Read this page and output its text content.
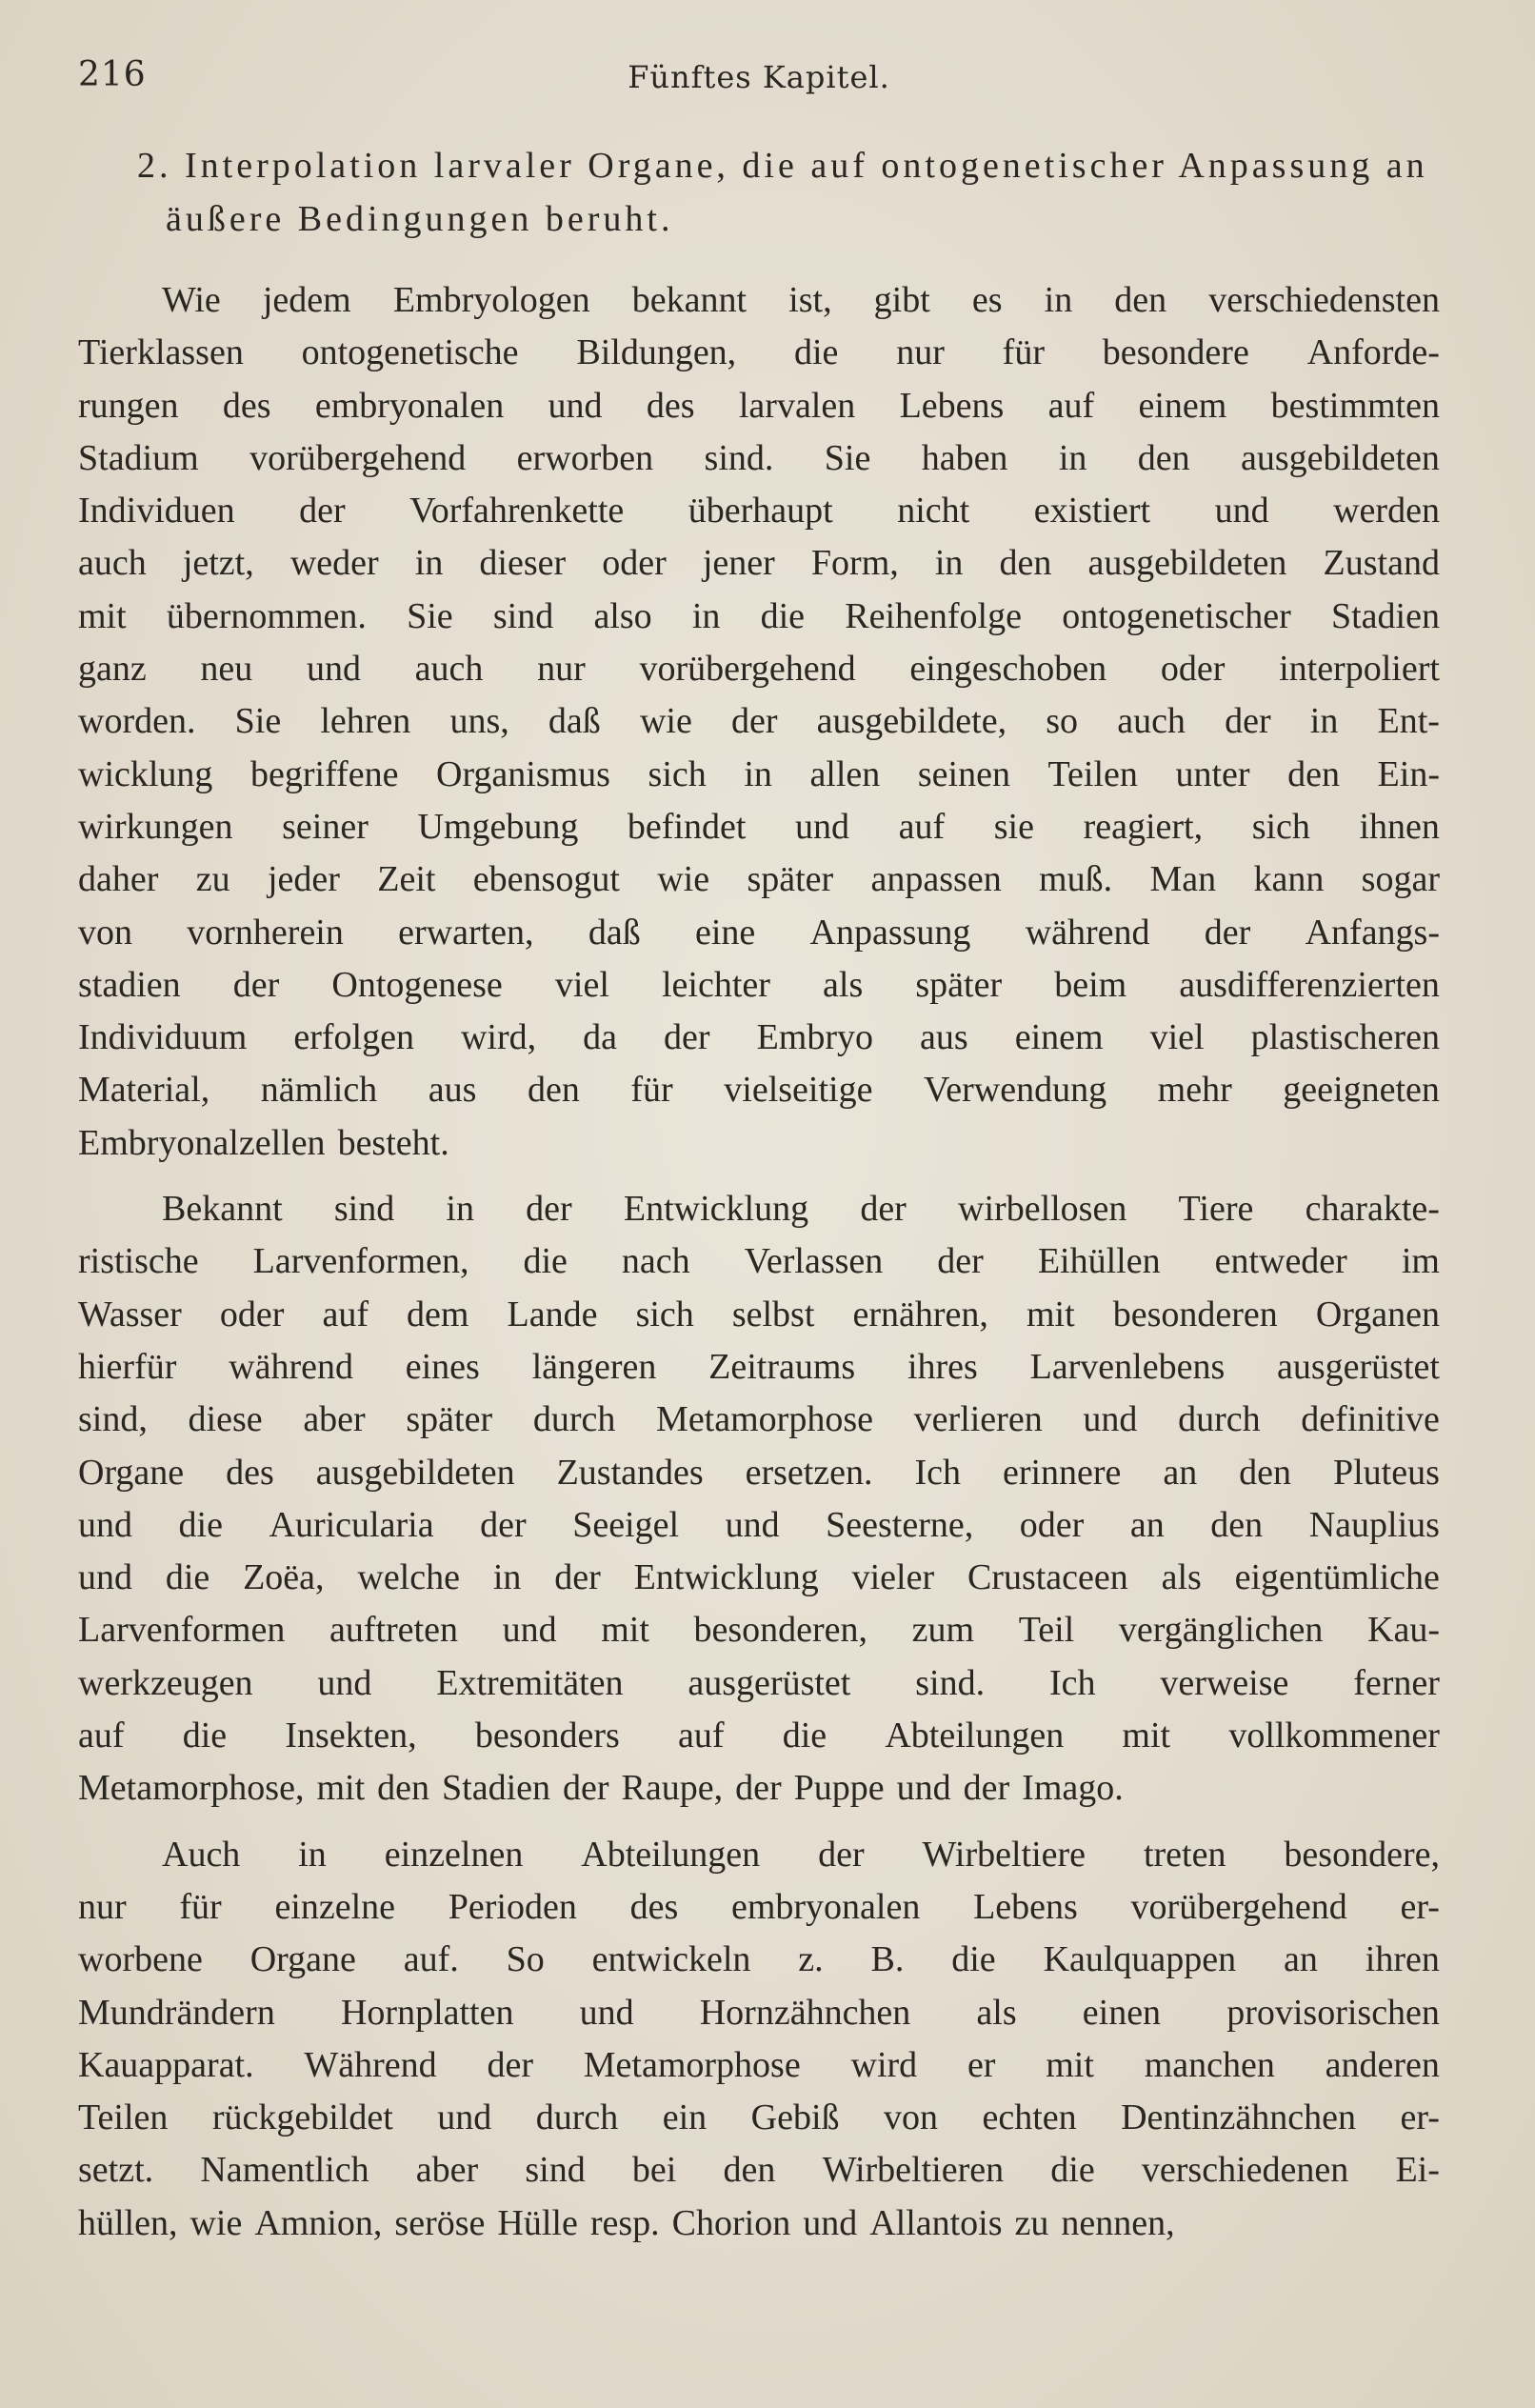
216	Fünftes Kapitel.
2. Interpolation larvaler Organe, die auf ontogenetischer Anpassung an äußere Bedingungen beruht.
Wie jedem Embryologen bekannt ist, gibt es in den verschiedensten
Tierklassen ontogenetische Bildungen, die nur für besondere Anforde-
rungen des embryonalen und des larvalen Lebens auf einem bestimmten
Stadium vorübergehend erworben sind. Sie haben in den ausgebildeten
Individuen der Vorfahrenkette überhaupt nicht existiert und werden
auch jetzt, weder in dieser oder jener Form, in den ausgebildeten Zustand
mit übernommen. Sie sind also in die Reihenfolge ontogenetischer Stadien
ganz neu und auch nur vorübergehend eingeschoben oder interpoliert
worden. Sie lehren uns, daß wie der ausgebildete, so auch der in Ent-
wicklung begriffene Organismus sich in allen seinen Teilen unter den Ein-
wirkungen seiner Umgebung befindet und auf sie reagiert, sich ihnen
daher zu jeder Zeit ebensogut wie später anpassen muß. Man kann sogar
von vornherein erwarten, daß eine Anpassung während der Anfangs-
stadien der Ontogenese viel leichter als später beim ausdifferenzierten
Individuum erfolgen wird, da der Embryo aus einem viel plastischeren
Material, nämlich aus den für vielseitige Verwendung mehr geeigneten
Embryonalzellen besteht.
Bekannt sind in der Entwicklung der wirbellosen Tiere charakte-
ristische Larvenformen, die nach Verlassen der Eihüllen entweder im
Wasser oder auf dem Lande sich selbst ernähren, mit besonderen Organen
hierfür während eines längeren Zeitraums ihres Larvenlebens ausgerüstet
sind, diese aber später durch Metamorphose verlieren und durch definitive
Organe des ausgebildeten Zustandes ersetzen. Ich erinnere an den Pluteus
und die Auricularia der Seeigel und Seesterne, oder an den Nauplius
und die Zoëa, welche in der Entwicklung vieler Crustaceen als eigentümliche
Larvenformen auftreten und mit besonderen, zum Teil vergänglichen Kau-
werkzeugen und Extremitäten ausgerüstet sind. Ich verweise ferner
auf die Insekten, besonders auf die Abteilungen mit vollkommener
Metamorphose, mit den Stadien der Raupe, der Puppe und der Imago.
Auch in einzelnen Abteilungen der Wirbeltiere treten besondere,
nur für einzelne Perioden des embryonalen Lebens vorübergehend er-
worbene Organe auf. So entwickeln z. B. die Kaulquappen an ihren
Mundrändern Hornplatten und Hornzähnchen als einen provisorischen
Kauapparat. Während der Metamorphose wird er mit manchen anderen
Teilen rückgebildet und durch ein Gebiß von echten Dentinzähnchen er-
setzt. Namentlich aber sind bei den Wirbeltieren die verschiedenen Ei-
hüllen, wie Amnion, seröse Hülle resp. Chorion und Allantois zu nennen,
